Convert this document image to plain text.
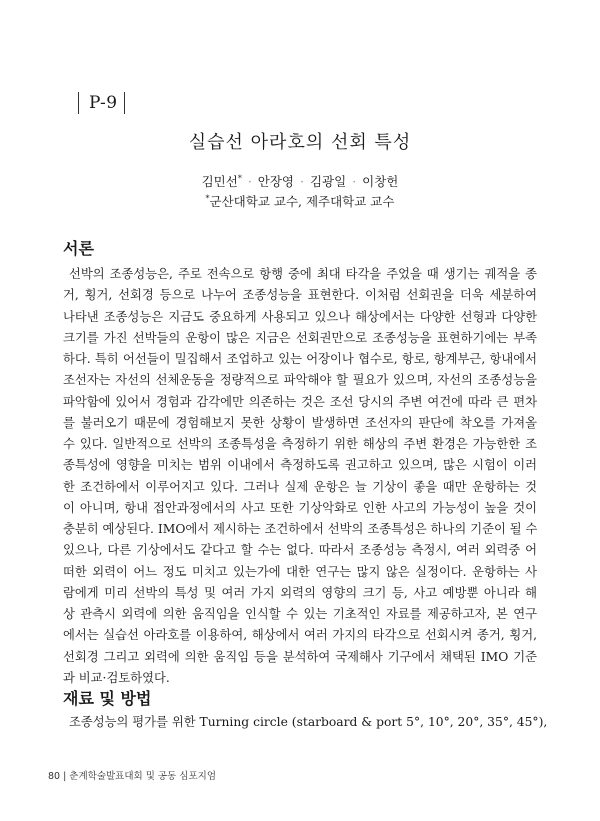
P-9
실습선 아라호의 선회 특성
김민선* · 안장영 · 김광일 · 이창헌
*군산대학교 교수, 제주대학교 교수
서론
선박의 조종성능은, 주로 전속으로 항행 중에 최대 타각을 주었을 때 생기는 궤적을 종
거, 횡거, 선회경 등으로 나누어 조종성능을 표현한다. 이처럼 선회권을 더욱 세분하여
나타낸 조종성능은 지금도 중요하게 사용되고 있으나 해상에서는 다양한 선형과 다양한
크기를 가진 선박들의 운항이 많은 지금은 선회권만으로 조종성능을 표현하기에는 부족
하다. 특히 어선들이 밀집해서 조업하고 있는 어장이나 협수로, 항로, 항계부근, 항내에서
조선자는 자선의 선체운동을 정량적으로 파악해야 할 필요가 있으며, 자선의 조종성능을
파악함에 있어서 경험과 감각에만 의존하는 것은 조선 당시의 주변 여건에 따라 큰 편차
를 불러오기 때문에 경험해보지 못한 상황이 발생하면 조선자의 판단에 착오를 가져올
수 있다. 일반적으로 선박의 조종특성을 측정하기 위한 해상의 주변 환경은 가능한한 조
종특성에 영향을 미치는 범위 이내에서 측정하도록 권고하고 있으며, 많은 시험이 이러
한 조건하에서 이루어지고 있다. 그러나 실제 운항은 늘 기상이 좋을 때만 운항하는 것
이 아니며, 항내 접안과정에서의 사고 또한 기상악화로 인한 사고의 가능성이 높을 것이
충분히 예상된다. IMO에서 제시하는 조건하에서 선박의 조종특성은 하나의 기준이 될 수
있으나, 다른 기상에서도 같다고 할 수는 없다. 따라서 조종성능 측정시, 여러 외력중 어
떠한 외력이 어느 정도 미치고 있는가에 대한 연구는 많지 않은 실정이다. 운항하는 사
람에게 미리 선박의 특성 및 여러 가지 외력의 영향의 크기 등, 사고 예방뿐 아니라 해
상 관측시 외력에 의한 움직임을 인식할 수 있는 기초적인 자료를 제공하고자, 본 연구
에서는 실습선 아라호를 이용하여, 해상에서 여러 가지의 타각으로 선회시켜 종거, 횡거,
선회경 그리고 외력에 의한 움직임 등을 분석하여 국제해사 기구에서 채택된 IMO 기준
과 비교·검토하였다.
재료 및 방법
조종성능의 평가를 위한 Turning circle (starboard & port 5°, 10°, 20°, 35°, 45°),
80 | 춘계학술발표대회 및 공동 심포지엄
